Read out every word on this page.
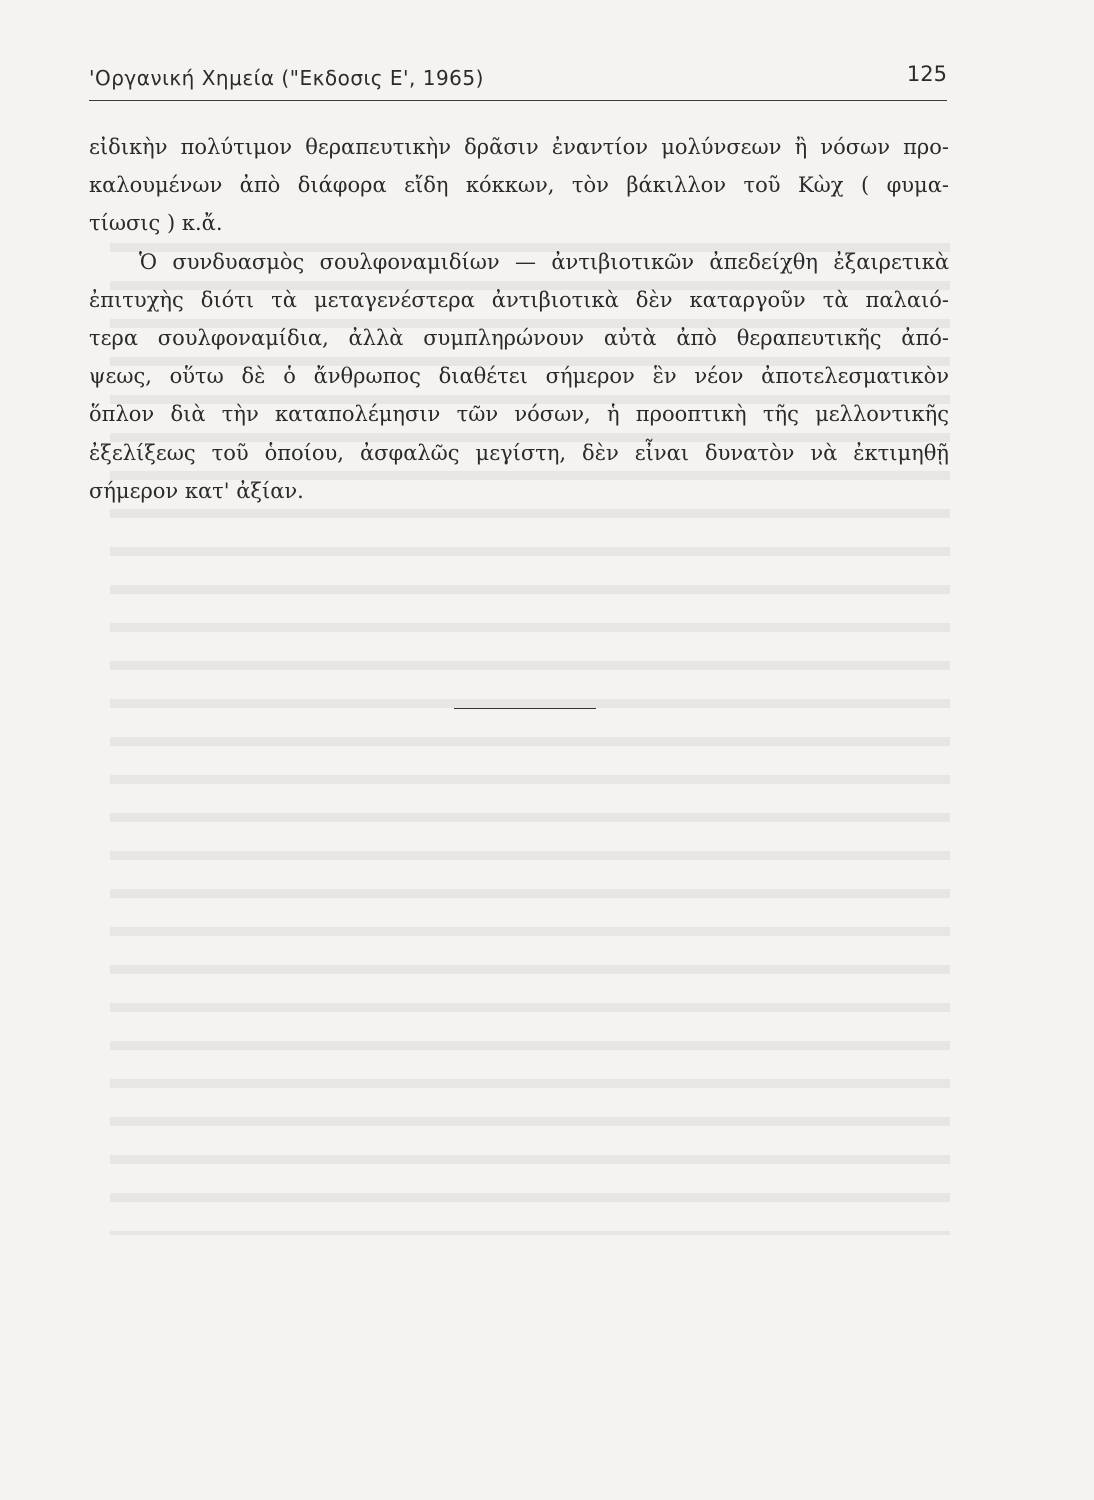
'Οργανική Χημεία ("Εκδοσις Ε', 1965)	125
εἰδικὴν πολύτιμον θεραπευτικὴν δρᾶσιν ἐναντίον μολύνσεων ἢ νόσων προ-
καλουμένων ἀπὸ διάφορα εἴδη κόκκων, τὸν βάκιλλον τοῦ Κὼχ ( φυμα-
τίωσις ) κ.ἄ.
Ὁ συνδυασμὸς σουλφοναμιδίων — ἀντιβιοτικῶν ἀπεδείχθη ἐξαιρετικὰ
ἐπιτυχὴς διότι τὰ μεταγενέστερα ἀντιβιοτικὰ δὲν καταργοῦν τὰ παλαιό-
τερα σουλφοναμίδια, ἀλλὰ συμπληρώνουν αὐτὰ ἀπὸ θεραπευτικῆς ἀπό-
ψεως, οὕτω δὲ ὁ ἄνθρωπος διαθέτει σήμερον ἓν νέον ἀποτελεσματικὸν
ὅπλον διὰ τὴν καταπολέμησιν τῶν νόσων, ἡ προοπτικὴ τῆς μελλοντικῆς
ἐξελίξεως τοῦ ὁποίου, ἀσφαλῶς μεγίστη, δὲν εἶναι δυνατὸν νὰ ἐκτιμηθῇ
σήμερον κατ' ἀξίαν.
